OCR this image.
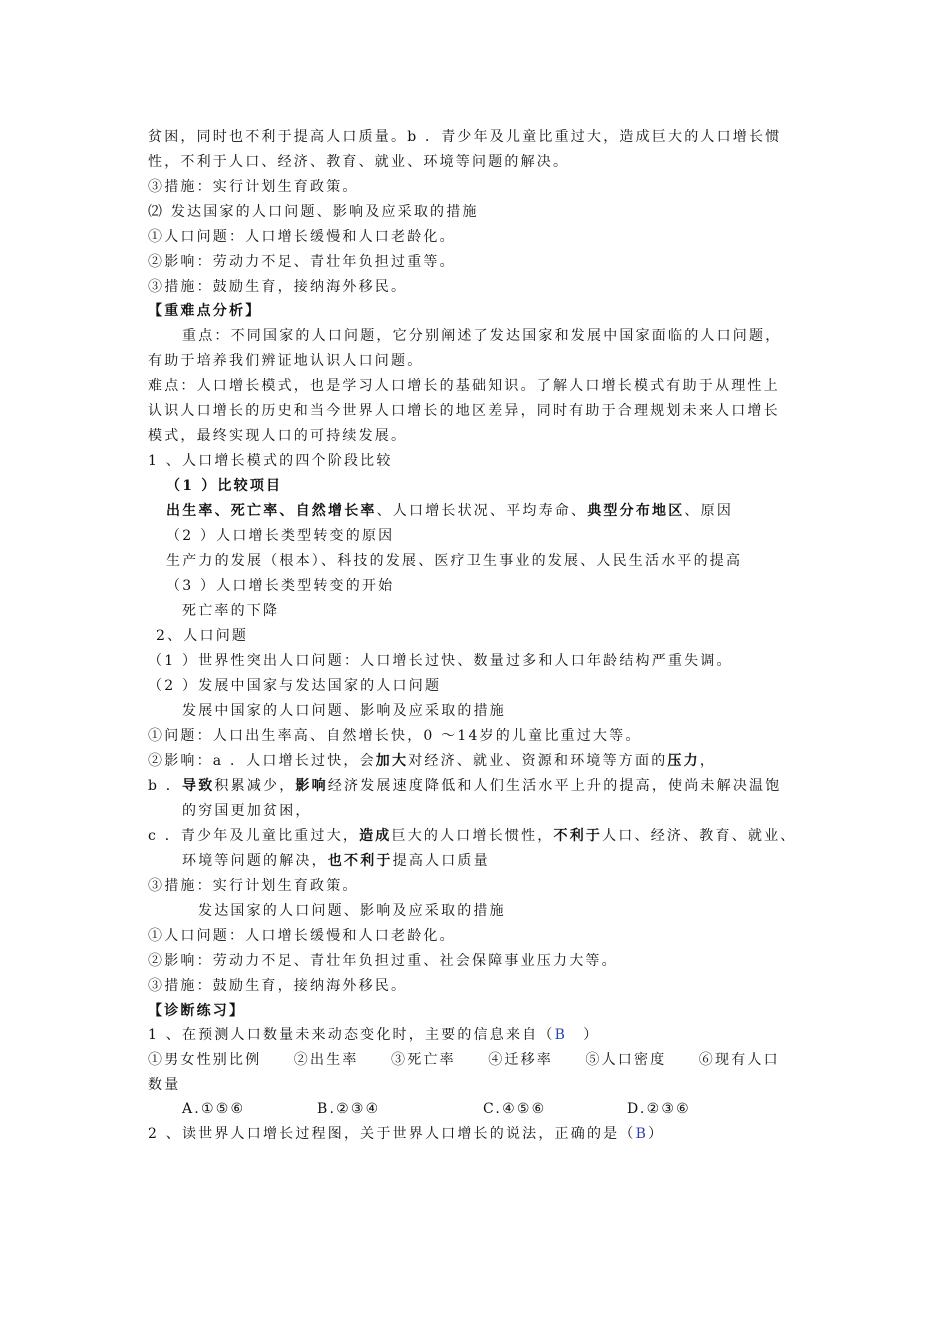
贫困，同时也不利于提高人口质量。b ．青少年及儿童比重过大，造成巨大的人口增长惯
性，不利于人口、经济、教育、就业、环境等问题的解决。
③措施：实行计划生育政策。
⑵ 发达国家的人口问题、影响及应采取的措施
①人口问题：人口增长缓慢和人口老龄化。
②影响：劳动力不足、青壮年负担过重等。
③措施：鼓励生育，接纳海外移民。
【重难点分析】
重点：不同国家的人口问题，它分别阐述了发达国家和发展中国家面临的人口问题，
有助于培养我们辨证地认识人口问题。
难点：人口增长模式，也是学习人口增长的基础知识。了解人口增长模式有助于从理性上
认识人口增长的历史和当今世界人口增长的地区差异，同时有助于合理规划未来人口增长
模式，最终实现人口的可持续发展。
1 、人口增长模式的四个阶段比较
（1 ）比较项目
出生率、死亡率、自然增长率、人口增长状况、平均寿命、典型分布地区、原因
（2 ）人口增长类型转变的原因
生产力的发展（根本）、科技的发展、医疗卫生事业的发展、人民生活水平的提高
（3 ）人口增长类型转变的开始
死亡率的下降
2、人口问题
（1 ）世界性突出人口问题：人口增长过快、数量过多和人口年龄结构严重失调。
（2 ）发展中国家与发达国家的人口问题
发展中国家的人口问题、影响及应采取的措施
①问题：人口出生率高、自然增长快，0 ～14岁的儿童比重过大等。
②影响：a ．人口增长过快，会加大对经济、就业、资源和环境等方面的压力，
b ．导致积累减少，影响经济发展速度降低和人们生活水平上升的提高，使尚未解决温饱
的穷国更加贫困，
c ．青少年及儿童比重过大，造成巨大的人口增长惯性，不利于人口、经济、教育、就业、
环境等问题的解决，也不利于提高人口质量
③措施：实行计划生育政策。
发达国家的人口问题、影响及应采取的措施
①人口问题：人口增长缓慢和人口老龄化。
②影响：劳动力不足、青壮年负担过重、社会保障事业压力大等。
③措施：鼓励生育，接纳海外移民。
【诊断练习】
1 、在预测人口数量未来动态变化时，主要的信息来自（B　）
①男女性别比例　　②出生率　　③死亡率　　④迁移率　　⑤人口密度　　⑥现有人口
数量
A.①⑤⑥	B.②③④	C.④⑤⑥	D.②③⑥
2 、读世界人口增长过程图，关于世界人口增长的说法，正确的是（B）
